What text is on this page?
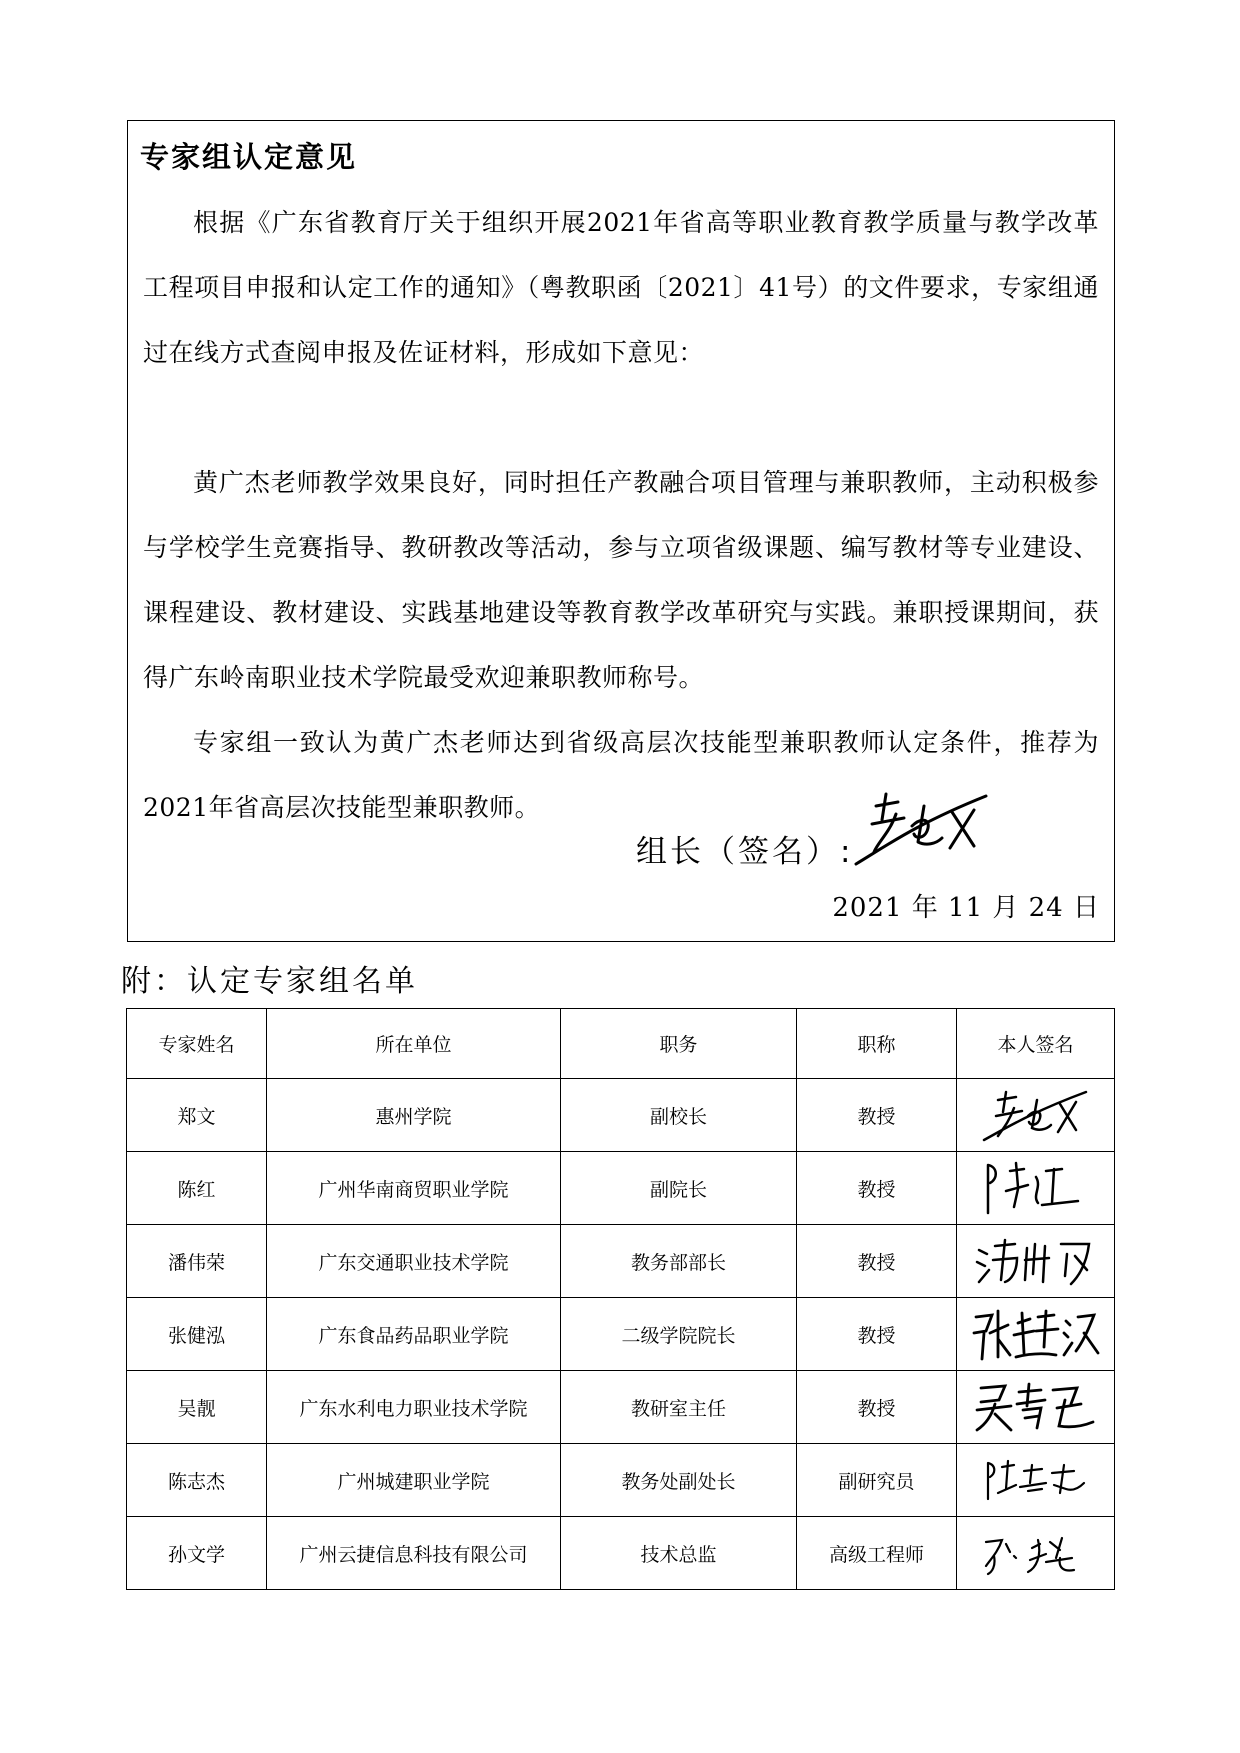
专家组认定意见
根据《广东省教育厅关于组织开展2021年省高等职业教育教学质量与教学改革工程项目申报和认定工作的通知》（粤教职函〔2021〕41号）的文件要求，专家组通过在线方式查阅申报及佐证材料，形成如下意见：
黄广杰老师教学效果良好，同时担任产教融合项目管理与兼职教师，主动积极参与学校学生竞赛指导、教研教改等活动，参与立项省级课题、编写教材等专业建设、课程建设、教材建设、实践基地建设等教育教学改革研究与实践。兼职授课期间，获得广东岭南职业技术学院最受欢迎兼职教师称号。
专家组一致认为黄广杰老师达到省级高层次技能型兼职教师认定条件，推荐为2021年省高层次技能型兼职教师。
组长（签名）:
2021 年 11 月 24 日
附：认定专家组名单
专家姓名	所在单位	职务	职称	本人签名
郑文	惠州学院	副校长	教授	

陈红	广州华南商贸职业学院	副院长	教授	

潘伟荣	广东交通职业技术学院	教务部部长	教授	

张健泓	广东食品药品职业学院	二级学院院长	教授	

吴靓	广东水利电力职业技术学院	教研室主任	教授	

陈志杰	广州城建职业学院	教务处副处长	副研究员	

孙文学	广州云捷信息科技有限公司	技术总监	高级工程师	
